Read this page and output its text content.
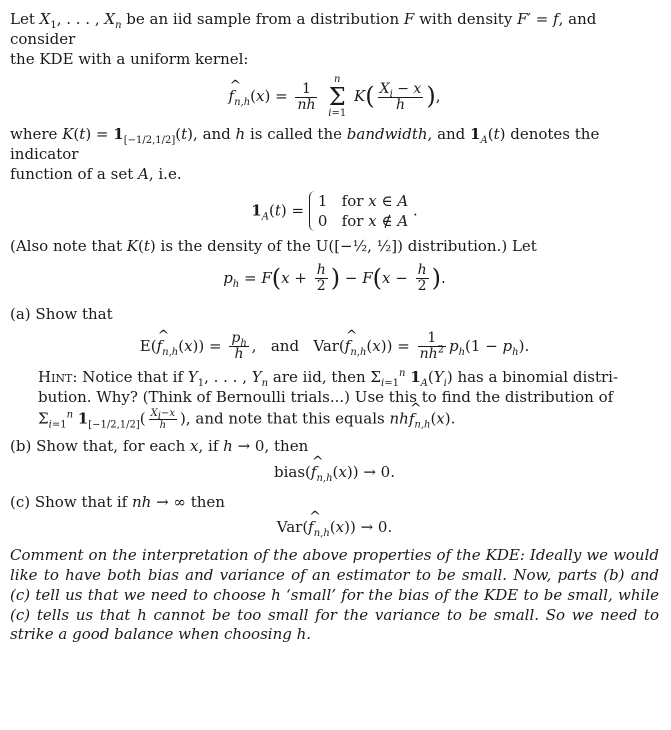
Let $X_1$, . . . , $X_n$ be an iid sample from a distribution F with density F′ = f, and consider

the KDE with a uniform kernel:

^ $f_{n,h}(x) = \frac{1}{nh}$

n
Σ
i=1
$K( \frac{X_i - x}{h}$ ),

where $K(t) = 1_{[-1/2,1/2]}(t)$, and h is called the bandwidth, and $1_A(t)$ denotes the indicator

function of a set A, i.e.

$1_A(t) = 1$   for x ∈ A
0   for x ∉ A .

(Also note that K(t) is the density of the U([−½, ½]) distribution.) Let

$p_h = F(x + \frac{h}{2}$ ) − $F(x - \frac{h}{2}$ ).

(a) Show that

E(^ $f_{n,h}(x)) = \frac{p_h}{h}$ ,   and   Var(^ $f_{n,h}(x)) = \frac{1}{nh^2} p_h(1 - p_h)$.

Hint: Notice that if $Y_1$, . . . , $Y_n$ are iid, then $\Sigma_{i=1}^n$ $1_A(Y_i)$ has a binomial distri-

bution. Why? (Think of Bernoulli trials...) Use this to find the distribution of

$\Sigma_{i=1}^n$ $1_{[-1/2,1/2]}( \frac{X_i-x}{h}$ ), and note that this equals nh^ $f_{n,h}(x)$.

(b) Show that, for each x, if h → 0, then

bias(^ $f_{n,h}(x)) \to 0$.

(c) Show that if nh → ∞ then

Var(^ $f_{n,h}(x)) \to 0$.

Comment on the interpretation of the above properties of the KDE: Ideally we would like to have both bias and variance of an estimator to be small. Now, parts (b) and (c) tell us that we need to choose h ‘small’ for the bias of the KDE to be small, while (c) tells us that h cannot be too small for the variance to be small. So we need to strike a good balance when choosing h.
